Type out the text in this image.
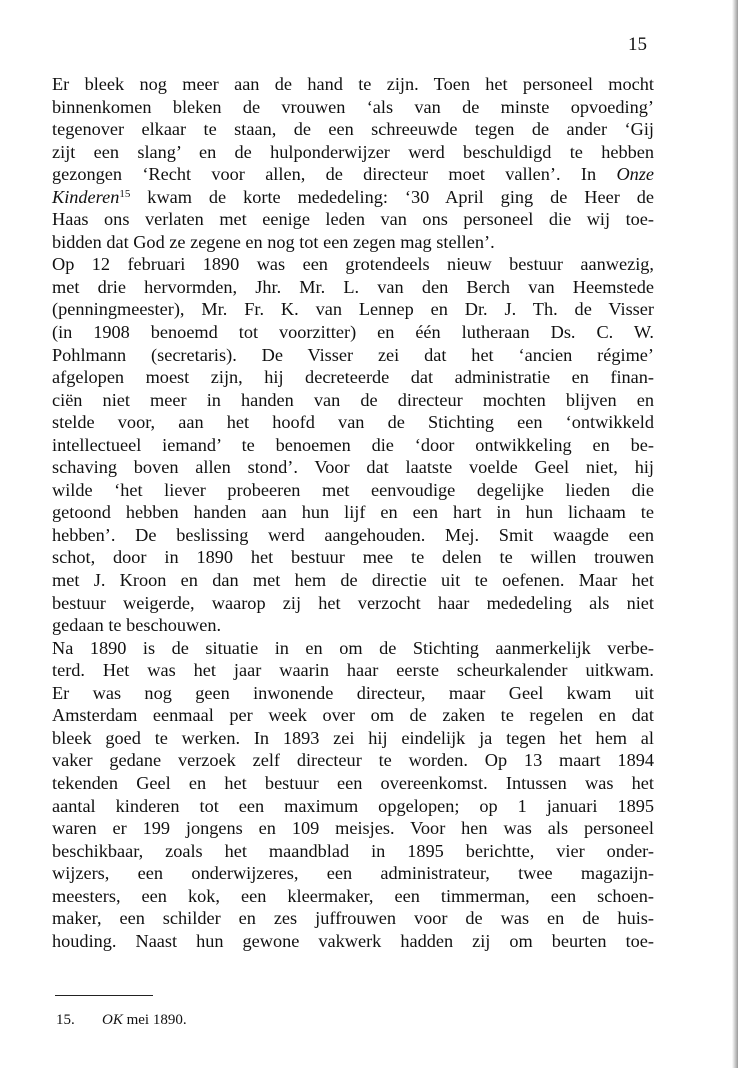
15
Er bleek nog meer aan de hand te zijn. Toen het personeel mocht
binnenkomen bleken de vrouwen ‘als van de minste opvoeding’
tegenover elkaar te staan, de een schreeuwde tegen de ander ‘Gij
zijt een slang’ en de hulponderwijzer werd beschuldigd te hebben
gezongen ‘Recht voor allen, de directeur moet vallen’. In Onze
Kinderen$^{15}$ kwam de korte mededeling: ‘30 April ging de Heer de
Haas ons verlaten met eenige leden van ons personeel die wij toe-
bidden dat God ze zegene en nog tot een zegen mag stellen’.
Op 12 februari 1890 was een grotendeels nieuw bestuur aanwezig,
met drie hervormden, Jhr. Mr. L. van den Berch van Heemstede
(penningmeester), Mr. Fr. K. van Lennep en Dr. J. Th. de Visser
(in 1908 benoemd tot voorzitter) en één lutheraan Ds. C. W.
Pohlmann (secretaris). De Visser zei dat het ‘ancien régime’
afgelopen moest zijn, hij decreteerde dat administratie en finan-
ciën niet meer in handen van de directeur mochten blijven en
stelde voor, aan het hoofd van de Stichting een ‘ontwikkeld
intellectueel iemand’ te benoemen die ‘door ontwikkeling en be-
schaving boven allen stond’. Voor dat laatste voelde Geel niet, hij
wilde ‘het liever probeeren met eenvoudige degelijke lieden die
getoond hebben handen aan hun lijf en een hart in hun lichaam te
hebben’. De beslissing werd aangehouden. Mej. Smit waagde een
schot, door in 1890 het bestuur mee te delen te willen trouwen
met J. Kroon en dan met hem de directie uit te oefenen. Maar het
bestuur weigerde, waarop zij het verzocht haar mededeling als niet
gedaan te beschouwen.
Na 1890 is de situatie in en om de Stichting aanmerkelijk verbe-
terd. Het was het jaar waarin haar eerste scheurkalender uitkwam.
Er was nog geen inwonende directeur, maar Geel kwam uit
Amsterdam eenmaal per week over om de zaken te regelen en dat
bleek goed te werken. In 1893 zei hij eindelijk ja tegen het hem al
vaker gedane verzoek zelf directeur te worden. Op 13 maart 1894
tekenden Geel en het bestuur een overeenkomst. Intussen was het
aantal kinderen tot een maximum opgelopen; op 1 januari 1895
waren er 199 jongens en 109 meisjes. Voor hen was als personeel
beschikbaar, zoals het maandblad in 1895 berichtte, vier onder-
wijzers, een onderwijzeres, een administrateur, twee magazijn-
meesters, een kok, een kleermaker, een timmerman, een schoen-
maker, een schilder en zes juffrouwen voor de was en de huis-
houding. Naast hun gewone vakwerk hadden zij om beurten toe-
15. OK mei 1890.
